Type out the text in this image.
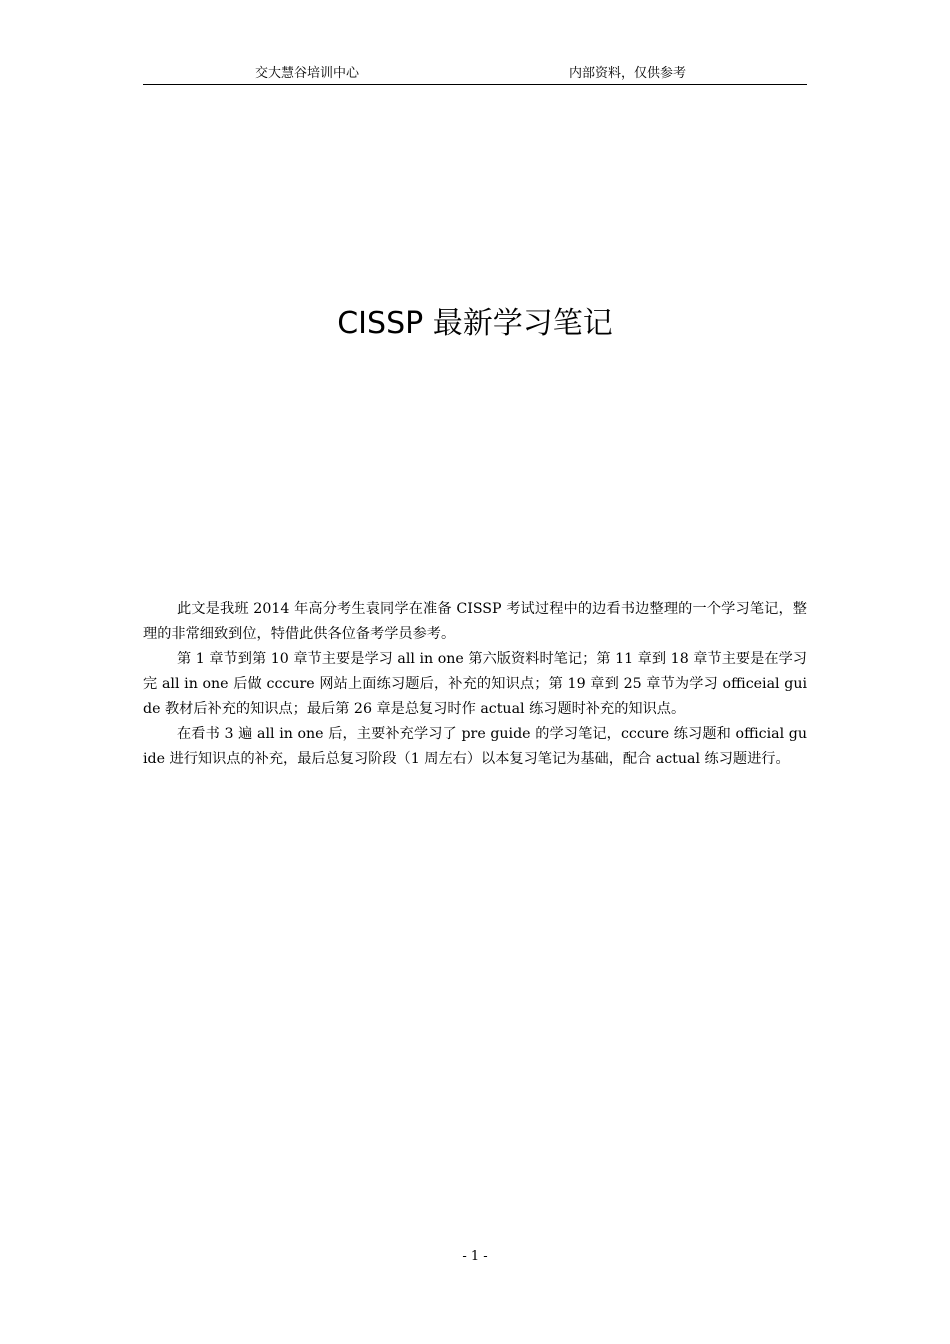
交大慧谷培训中心	内部资料，仅供参考
CISSP 最新学习笔记

此文是我班 2014 年高分考生袁同学在准备 CISSP 考试过程中的边看书边整理的一个学习笔记，整理的非常细致到位，特借此供各位备考学员参考。

第 1 章节到第 10 章节主要是学习 all in one 第六版资料时笔记；第 11 章到 18 章节主要是在学习完 all in one 后做 cccure 网站上面练习题后，补充的知识点；第 19 章到 25 章节为学习 officeial guide 教材后补充的知识点；最后第 26 章是总复习时作 actual 练习题时补充的知识点。

在看书 3 遍 all in one 后，主要补充学习了 pre guide 的学习笔记，cccure 练习题和 official guide 进行知识点的补充，最后总复习阶段（1 周左右）以本复习笔记为基础，配合 actual 练习题进行。

- 1 -
